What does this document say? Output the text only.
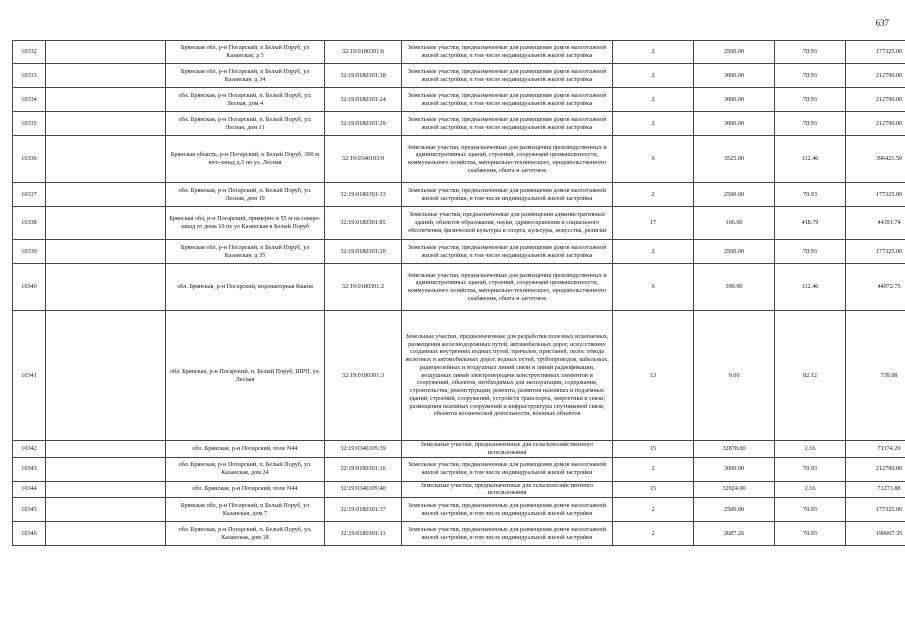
637
10332		Брянская обл, р-н Погарский, п Белый Поруб, ул Казанская, д 5	32:19:0180301:6	Земельные участки, предназначенные для размещения домов малоэтажной жилой застройки, в том числе индивидуальной жилой застройки	2	2500.00	70.93	177325.00
10333		Брянская обл, р-н Погарский, п Белый Поруб, ул Казанская, д 34	32:19:0180301:38	Земельные участки, предназначенные для размещения домов малоэтажной жилой застройки, в том числе индивидуальной жилой застройки	2	3000.00	70.93	212790.00
10334		обл. Брянская, р-н Погарский, п. Белый Поруб, ул. Лесная, дом 4	32:19:0180301:24	Земельные участки, предназначенные для размещения домов малоэтажной жилой застройки, в том числе индивидуальной жилой застройки	2	3000.00	70.93	212790.00
10335		обл. Брянская, р-н Погарский, п. Белый Поруб, ул. Лесная, дом 11	32:19:0180301:29	Земельные участки, предназначенные для размещения домов малоэтажной жилой застройки, в том числе индивидуальной жилой застройки	2	3000.00	70.93	212790.00
10336		Брянская область, р-н Погарский, п Белый Поруб, 300 м юго-запад д.5 по ул. Лесная	32:19:0340103:9	Земельные участки, предназначенные для размещения производственных и административных зданий, строений, сооружений промышленности, коммунального хозяйства, материально-технического, продовольственного снабжения, сбыта и заготовок	9	3525.00	112.46	396421.50
10337		обл. Брянская, р-н Погарский, п. Белый Поруб, ул. Лесная, дом 19	32:19:0180301:33	Земельные участки, предназначенные для размещения домов малоэтажной жилой застройки, в том числе индивидуальной жилой застройки	2	2500.00	70.93	177325.00
10338		Брянская обл, р-н Погарский, примерно в 55 м на северо-запад от дома 10 по ул Казанская в Белый Поруб	32:19:0180301:85	Земельные участки, предназначенные для размещения административных зданий, объектов образования, науки, здравоохранения и социального обеспечения, физической культуры и спорта, культуры, искусства, религии	17	106.00	418.79	44391.74
10339		Брянская обл, р-н Погарский, п Белый Поруб, ул Казанская, д 35	32:19:0180301:20	Земельные участки, предназначенные для размещения домов малоэтажной жилой застройки, в том числе индивидуальной жилой застройки	2	2500.00	70.93	177325.00
10340		обл. Брянская, р-н Погарский, водонапорная башня	32:19:0180301:2	Земельные участки, предназначенные для размещения производственных и административных зданий, строений, сооружений промышленности, коммунального хозяйства, материально-технического, продовольственного снабжения, сбыта и заготовок	9	399.90	112.46	44972.75
10341		обл. Брянская, р-н Погарский, п. Белый Поруб, ШРП, ул. Лесная	32:19:0180301:3	Земельные участки, предназначенные для разработки полезных ископаемых, размещения железнодорожных путей, автомобильных дорог, искусственно созданных внутренних водных путей, причалов, пристаней, полос отвода железных и автомобильных дорог, водных путей, трубопроводов, кабельных, радиорелейных и воздушных линий связи и линий радиофикации, воздушных линий электропередачи конструктивных элементов и сооружений, объектов, необходимых для эксплуатации, содержания, строительства, реконструкции, ремонта, развития наземных и подземных зданий, строений, сооружений, устройств транспорта, энергетики и связи; размещения наземных сооружений и инфраструктуры спутниковой связи, объектов космической деятельности, военных объектов	13	9.00	82.12	739.08
10342		обл. Брянская, р-н Погарский, поле N44	32:19:0340105:39	Земельные участки, предназначенные для сельскохозяйственного использования	15	32878.00	2.16	71174.29
10343		обл. Брянская, р-н Погарский, п. Белый Поруб, ул. Казанская, дом 24	32:19:0180301:16	Земельные участки, предназначенные для размещения домов малоэтажной жилой застройки, в том числе индивидуальной жилой застройки	2	3000.00	70.93	212790.00
10344		обл. Брянская, р-н Погарский, поле N44	32:19:0340105:40	Земельные участки, предназначенные для сельскохозяйственного использования	15	32924.00	2.16	71273.88
10345		Брянская обл, р-н Погарский, п Белый Поруб, ул Казанская, дом 7	32:19:0180301:37	Земельные участки, предназначенные для размещения домов малоэтажной жилой застройки, в том числе индивидуальной жилой застройки	2	2500.00	70.93	177325.00
10346		обл. Брянская, р-н Погарский, п. Белый Поруб, ул. Казанская, дом 18	32:19:0180301:11	Земельные участки, предназначенные для размещения домов малоэтажной жилой застройки, в том числе индивидуальной жилой застройки	2	2687.26	70.93	190607.35
